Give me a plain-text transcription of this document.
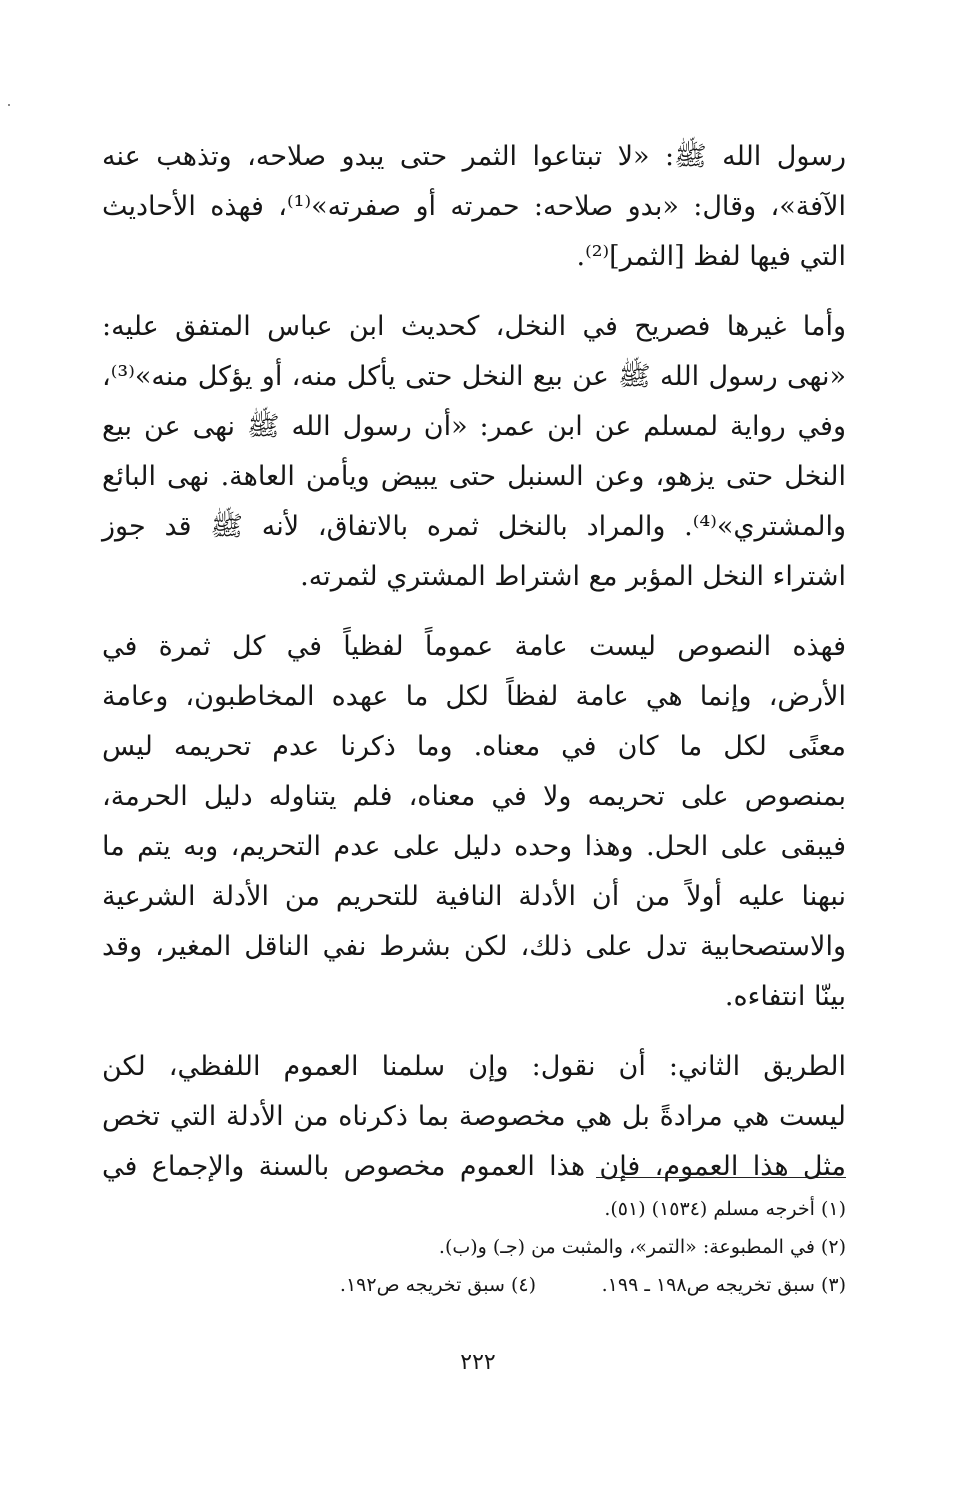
رسول الله ﷺ: «لا تبتاعوا الثمر حتى يبدو صلاحه، وتذهب عنه
الآفة»، وقال: «بدو صلاحه: حمرته أو صفرته»⁽¹⁾، فهذه الأحاديث
التي فيها لفظ [الثمر]⁽²⁾.
وأما غيرها فصريح في النخل، كحديث ابن عباس المتفق عليه:
«نهى رسول الله ﷺ عن بيع النخل حتى يأكل منه، أو يؤكل منه»⁽³⁾،
وفي رواية لمسلم عن ابن عمر: «أن رسول الله ﷺ نهى عن بيع
النخل حتى يزهو، وعن السنبل حتى يبيض ويأمن العاهة. نهى البائع
والمشتري»⁽⁴⁾. والمراد بالنخل ثمره بالاتفاق، لأنه ﷺ قد جوز
اشتراء النخل المؤبر مع اشتراط المشتري لثمرته.
فهذه النصوص ليست عامة عموماً لفظياً في كل ثمرة في
الأرض، وإنما هي عامة لفظاً لكل ما عهده المخاطبون، وعامة
معنًى لكل ما كان في معناه. وما ذكرنا عدم تحريمه ليس
بمنصوص على تحريمه ولا في معناه، فلم يتناوله دليل الحرمة،
فيبقى على الحل. وهذا وحده دليل على عدم التحريم، وبه يتم ما
نبهنا عليه أولاً من أن الأدلة النافية للتحريم من الأدلة الشرعية
والاستصحابية تدل على ذلك، لكن بشرط نفي الناقل المغير، وقد
بينّا انتفاءه.
الطريق الثاني: أن نقول: وإن سلمنا العموم اللفظي، لكن
ليست هي مرادةً بل هي مخصوصة بما ذكرناه من الأدلة التي تخص
مثل هذا العموم، فإن هذا العموم مخصوص بالسنة والإجماع في
(١) أخرجه مسلم (١٥٣٤) (٥١).
(٢) في المطبوعة: «التمر»، والمثبت من (جـ) و(ب).
(٣) سبق تخريجه ص١٩٨ ـ ١٩٩.
(٤) سبق تخريجه ص١٩٢.
٢٢٢
